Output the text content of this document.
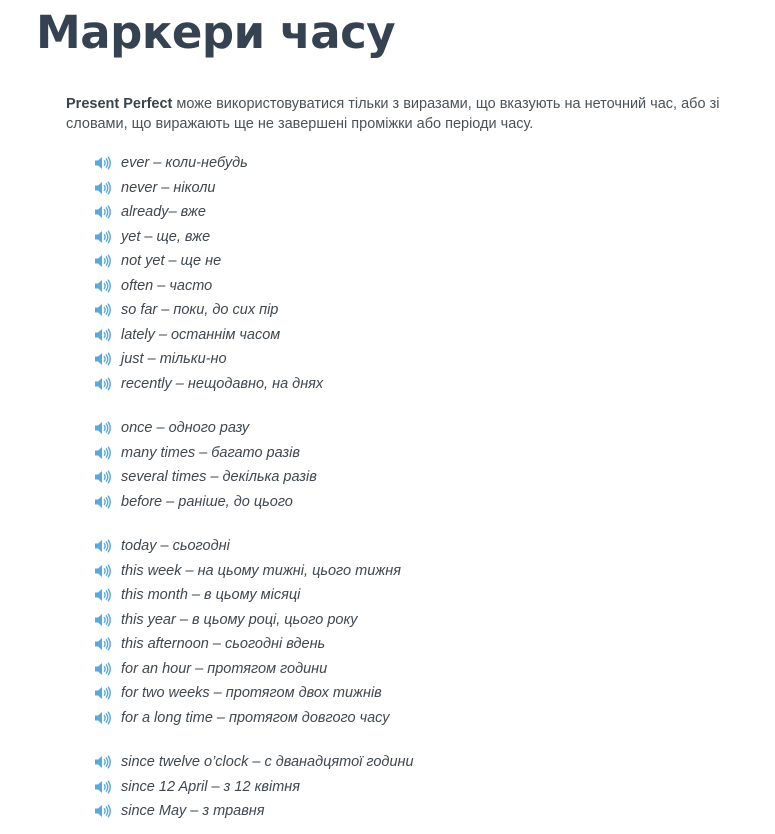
Маркери часу

Present Perfect може використовуватися тільки з виразами, що вказують на неточний час, або зі словами, що виражають ще не завершені проміжки або періоди часу.

ever – коли-небудь
never – ніколи
already– вже
yet – ще, вже
not yet – ще не
often – часто
so far – поки, до сих пір
lately – останнім часом
just – тільки-но
recently – нещодавно, на днях
once – одного разу
many times – багато разів
several times – декілька разів
before – раніше, до цього
today – сьогодні
this week – на цьому тижні, цього тижня
this month – в цьому місяці
this year – в цьому році, цього року
this afternoon – сьогодні вдень
for an hour – протягом години
for two weeks – протягом двох тижнів
for a long time – протягом довгого часу
since twelve o’clock – с дванадцятої години
since 12 April – з 12 квітня
since May – з травня
